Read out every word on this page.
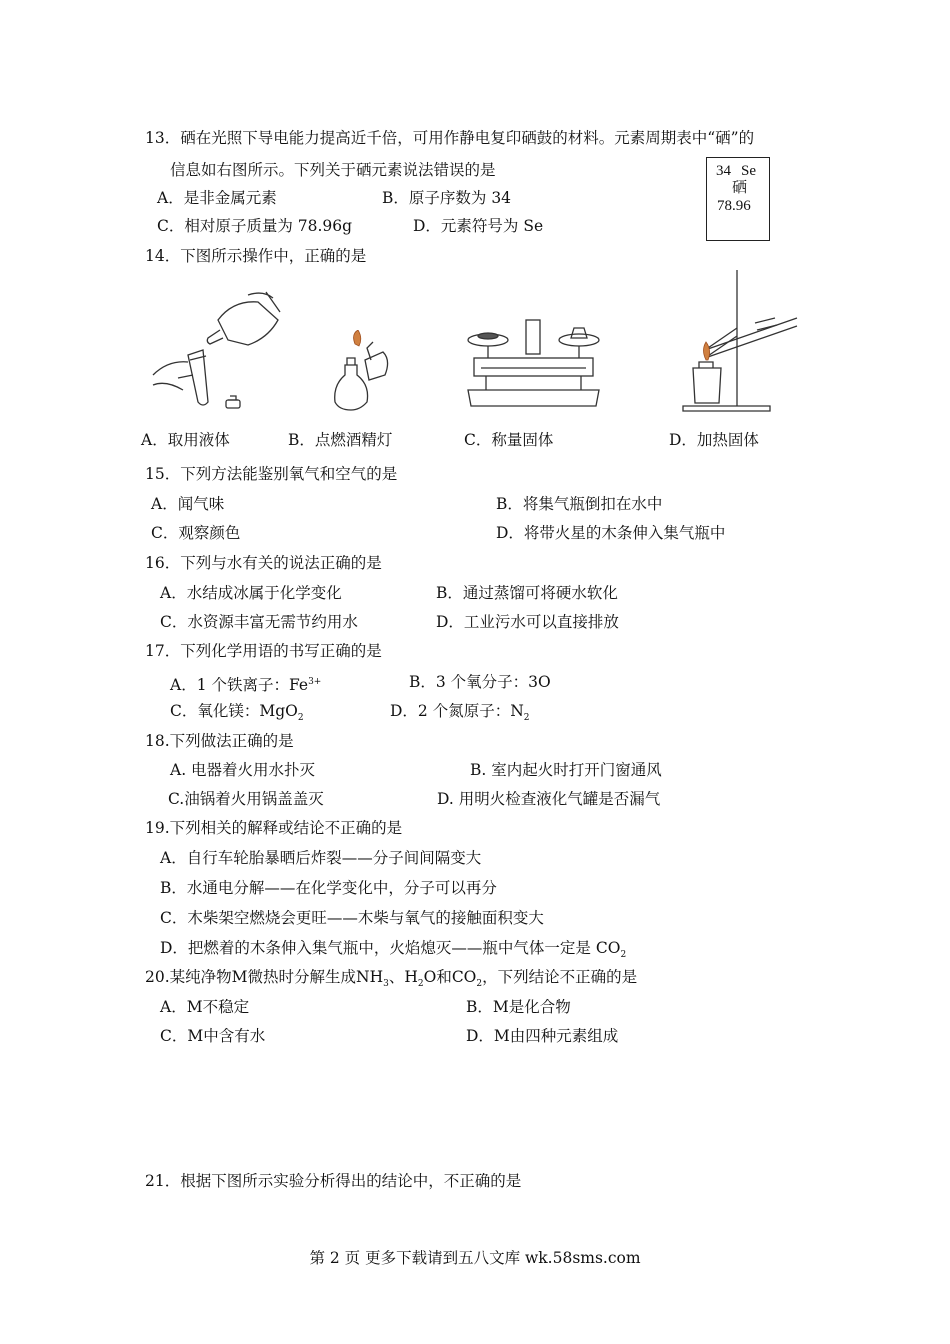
13．硒在光照下导电能力提高近千倍，可用作静电复印硒鼓的材料。元素周期表中“硒”的
信息如右图所示。下列关于硒元素说法错误的是
A．是非金属元素	B．原子序数为 34
C．相对原子质量为 78.96g	D．元素符号为 Se
34 Se
硒
78.96
14．下图所示操作中，正确的是
A．取用液体	B．点燃酒精灯	C．称量固体	D．加热固体
15．下列方法能鉴别氧气和空气的是
A．闻气味	B．将集气瓶倒扣在水中
C．观察颜色	D．将带火星的木条伸入集气瓶中
16．下列与水有关的说法正确的是
A．水结成冰属于化学变化	B．通过蒸馏可将硬水软化
C．水资源丰富无需节约用水	D．工业污水可以直接排放
17．下列化学用语的书写正确的是
A．1 个铁离子：$Fe^{3+}$	B．3 个氧分子：3O
C．氧化镁：MgO$_2$	D．2 个氮原子：$N_2$
18.下列做法正确的是
A. 电器着火用水扑灭	B. 室内起火时打开门窗通风
C.油锅着火用锅盖盖灭	D. 用明火检查液化气罐是否漏气
19.下列相关的解释或结论不正确的是
A．自行车轮胎暴晒后炸裂——分子间间隔变大
B．水通电分解——在化学变化中，分子可以再分
C．木柴架空燃烧会更旺——木柴与氧气的接触面积变大
D．把燃着的木条伸入集气瓶中，火焰熄灭——瓶中气体一定是 $CO_2$
20.某纯净物M微热时分解生成$NH_3$、$H_2O$和$CO_2$，下列结论不正确的是
A．M不稳定	B．M是化合物
C．M中含有水	D．M由四种元素组成
21．根据下图所示实验分析得出的结论中，不正确的是
第 2 页 更多下载请到五八文库 wk.58sms.com
